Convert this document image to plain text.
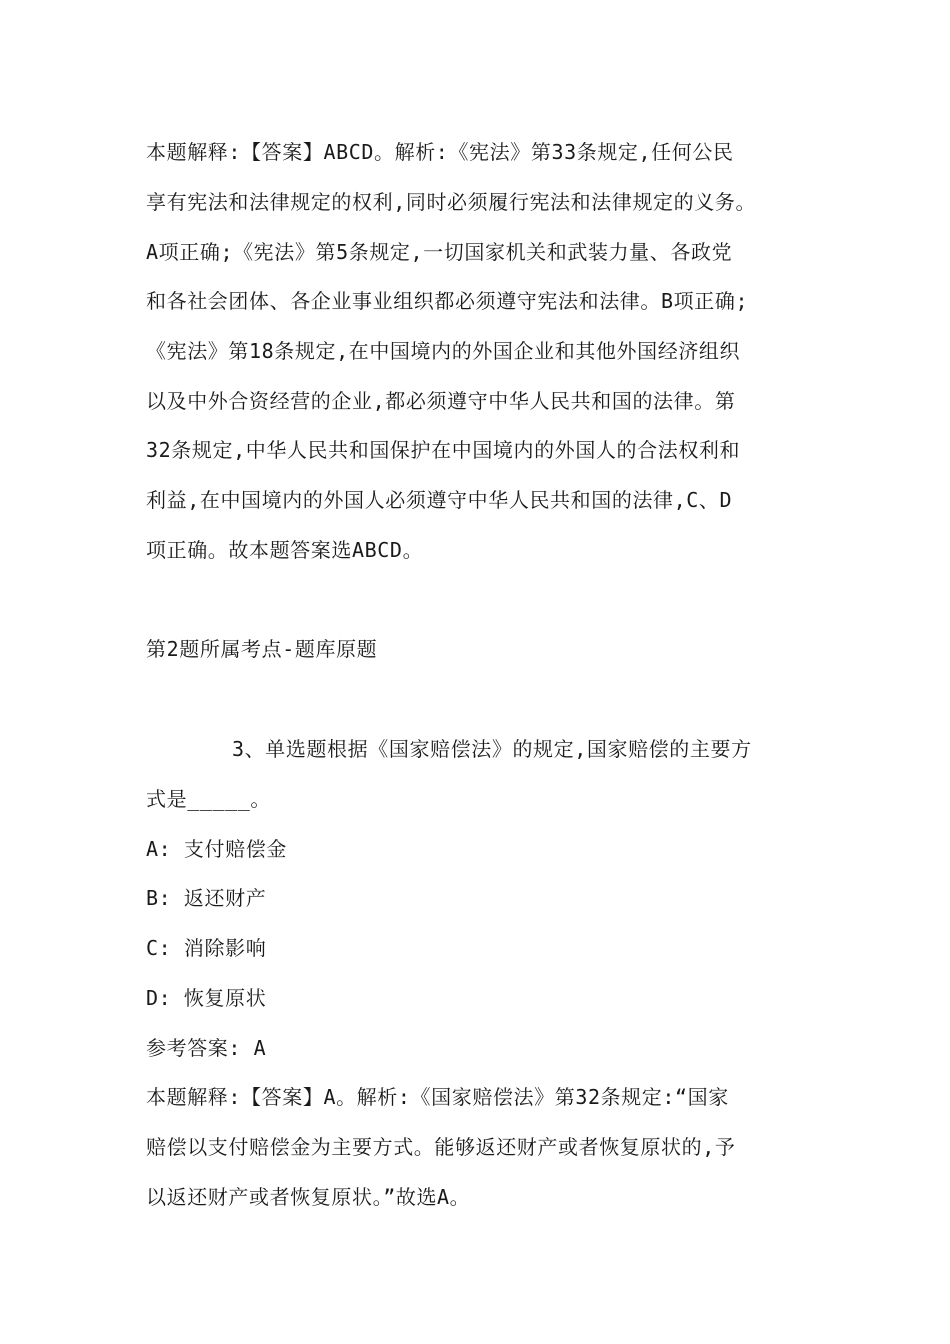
本题解释:【答案】ABCD。解析:《宪法》第33条规定,任何公民
享有宪法和法律规定的权利,同时必须履行宪法和法律规定的义务。
A项正确;《宪法》第5条规定,一切国家机关和武装力量、各政党
和各社会团体、各企业事业组织都必须遵守宪法和法律。B项正确;
《宪法》第18条规定,在中国境内的外国企业和其他外国经济组织
以及中外合资经营的企业,都必须遵守中华人民共和国的法律。第
32条规定,中华人民共和国保护在中国境内的外国人的合法权利和
利益,在中国境内的外国人必须遵守中华人民共和国的法律,C、D
项正确。故本题答案选ABCD。
第2题所属考点-题库原题
3、单选题根据《国家赔偿法》的规定,国家赔偿的主要方
式是_____。
A: 支付赔偿金
B: 返还财产
C: 消除影响
D: 恢复原状
参考答案: A
本题解释:【答案】A。解析:《国家赔偿法》第32条规定:“国家
赔偿以支付赔偿金为主要方式。能够返还财产或者恢复原状的,予
以返还财产或者恢复原状。”故选A。
